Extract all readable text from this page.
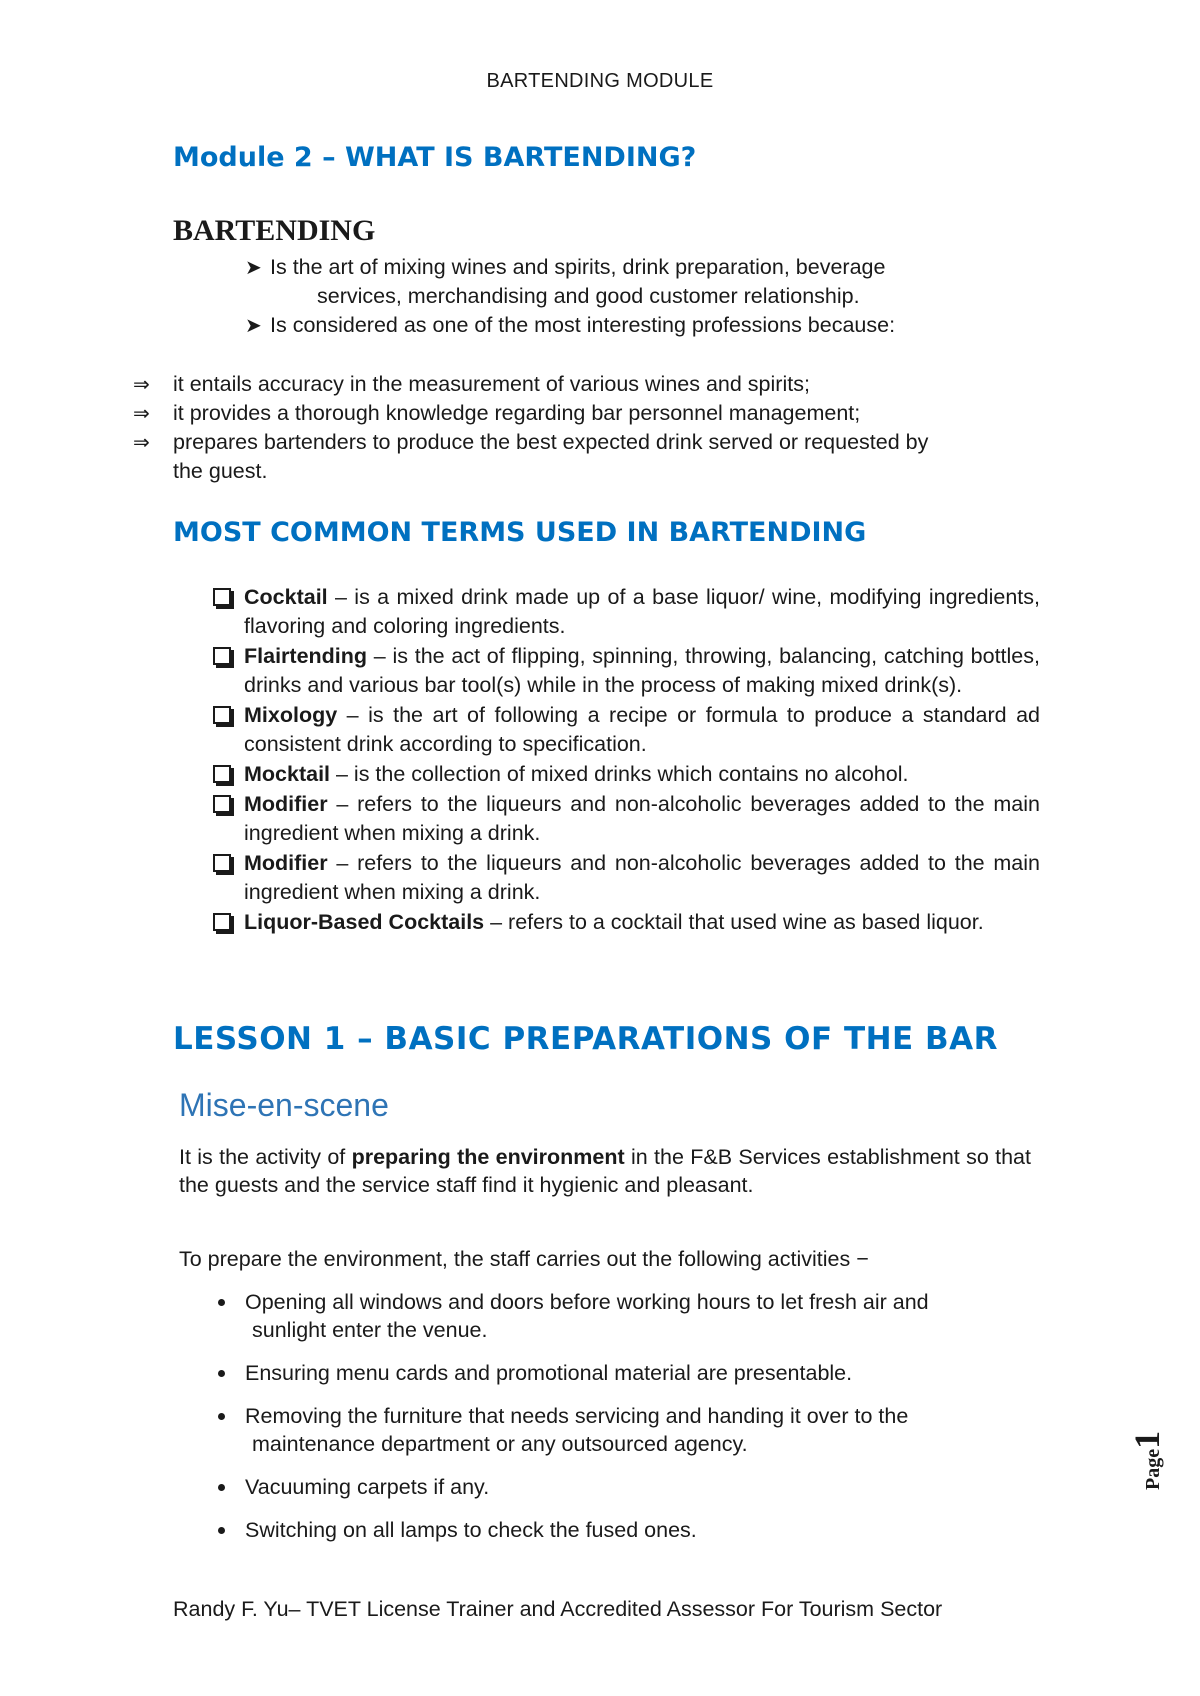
BARTENDING MODULE
Module 2 – WHAT IS BARTENDING?
BARTENDING
➤ Is the art of mixing wines and spirits, drink preparation, beverage
services, merchandising and good customer relationship.
➤ Is considered as one of the most interesting professions because:
⇒ it entails accuracy in the measurement of various wines and spirits;
⇒ it provides a thorough knowledge regarding bar personnel management;
⇒ prepares bartenders to produce the best expected drink served or requested by
the guest.
MOST COMMON TERMS USED IN BARTENDING
Cocktail – is a mixed drink made up of a base liquor/ wine, modifying ingredients, flavoring and coloring ingredients.
Flairtending – is the act of flipping, spinning, throwing, balancing, catching bottles, drinks and various bar tool(s) while in the process of making mixed drink(s).
Mixology – is the art of following a recipe or formula to produce a standard ad consistent drink according to specification.
Mocktail – is the collection of mixed drinks which contains no alcohol.
Modifier – refers to the liqueurs and non-alcoholic beverages added to the main ingredient when mixing a drink.
Modifier – refers to the liqueurs and non-alcoholic beverages added to the main ingredient when mixing a drink.
Liquor-Based Cocktails – refers to a cocktail that used wine as based liquor.
LESSON 1 – BASIC PREPARATIONS OF THE BAR
Mise-en-scene
It is the activity of preparing the environment in the F&B Services establishment so that the guests and the service staff find it hygienic and pleasant.
To prepare the environment, the staff carries out the following activities −
Opening all windows and doors before working hours to let fresh air and
sunlight enter the venue.
Ensuring menu cards and promotional material are presentable.
Removing the furniture that needs servicing and handing it over to the
maintenance department or any outsourced agency.
Vacuuming carpets if any.
Switching on all lamps to check the fused ones.
Page1
Randy F. Yu– TVET License Trainer and Accredited Assessor For Tourism Sector
